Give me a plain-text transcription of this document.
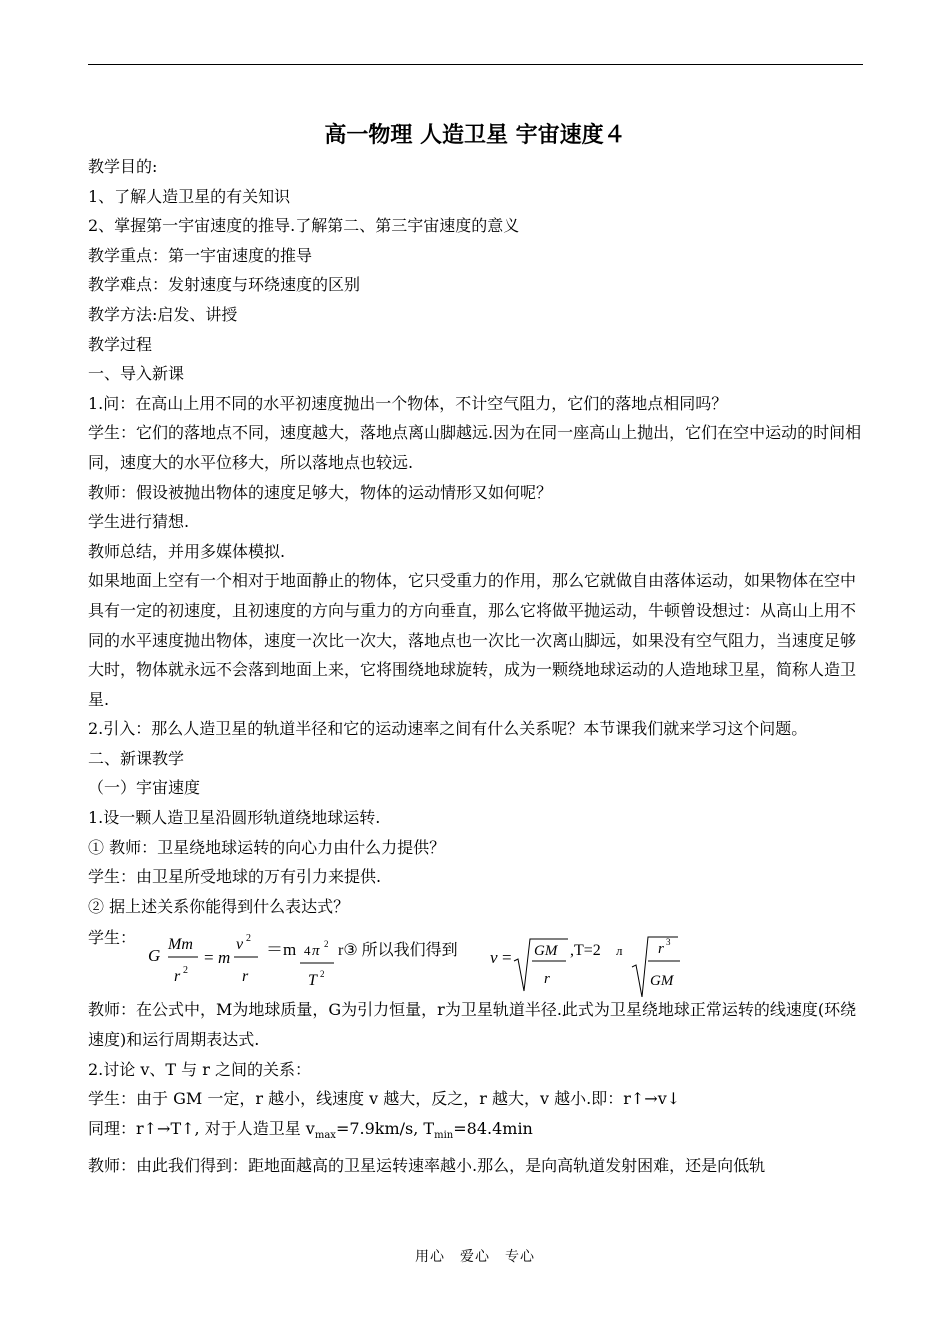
高一物理 人造卫星 宇宙速度４

教学目的:

1、了解人造卫星的有关知识

2、掌握第一宇宙速度的推导.了解第二、第三宇宙速度的意义

教学重点：第一宇宙速度的推导

教学难点：发射速度与环绕速度的区别

教学方法:启发、讲授

教学过程

一、导入新课

1.问：在高山上用不同的水平初速度抛出一个物体，不计空气阻力，它们的落地点相同吗？

学生：它们的落地点不同，速度越大，落地点离山脚越远.因为在同一座高山上抛出，它们在空中运动的时间相同，速度大的水平位移大，所以落地点也较远.

教师：假设被抛出物体的速度足够大，物体的运动情形又如何呢？

学生进行猜想.

教师总结，并用多媒体模拟.

如果地面上空有一个相对于地面静止的物体，它只受重力的作用，那么它就做自由落体运动，如果物体在空中具有一定的初速度，且初速度的方向与重力的方向垂直，那么它将做平抛运动，牛顿曾设想过：从高山上用不同的水平速度抛出物体，速度一次比一次大，落地点也一次比一次离山脚远，如果没有空气阻力，当速度足够大时，物体就永远不会落到地面上来，它将围绕地球旋转，成为一颗绕地球运动的人造地球卫星，简称人造卫星.

2.引入：那么人造卫星的轨道半径和它的运动速率之间有什么关系呢？本节课我们就来学习这个问题。

二、新课教学

（一）宇宙速度

1.设一颗人造卫星沿圆形轨道绕地球运转.

① 教师：卫星绕地球运转的向心力由什么力提供？

学生：由卫星所受地球的万有引力来提供.

② 据上述关系你能得到什么表达式？

学生：
G
Mm
r 2
= m
v 2
r
＝m 4 π 2
T 2
r③ 所以我们得到 v = GM
r
,T=2 л r 3
GM

教师：在公式中，M为地球质量，G为引力恒量，r为卫星轨道半径.此式为卫星绕地球正常运转的线速度(环绕速度)和运行周期表达式.

2.讨论 v、T 与 r 之间的关系：

学生：由于 GM 一定，r 越小，线速度 v 越大，反之，r 越大，v 越小.即：r↑→v↓

同理：r↑→T↑, 对于人造卫星 $v_{max}=7.9km/s$, $T_{min}=84.4\min$

教师：由此我们得到：距地面越高的卫星运转速率越小.那么，是向高轨道发射困难，还是向低轨

用心　爱心　专心
